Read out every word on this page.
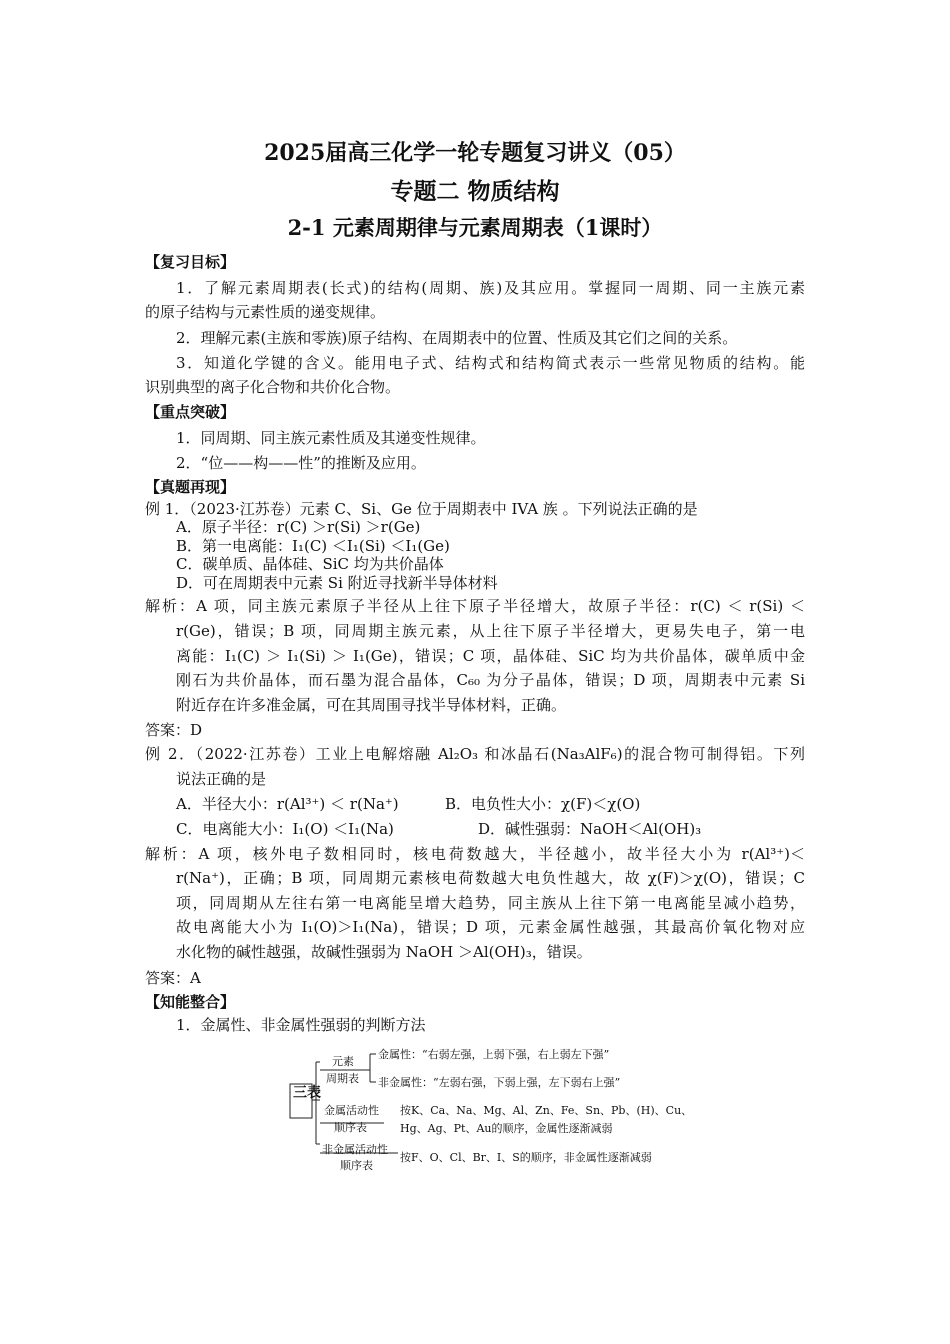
2025届高三化学一轮专题复习讲义（05）
专题二 物质结构
2-1 元素周期律与元素周期表（1课时）
【复习目标】
1．了解元素周期表(长式)的结构(周期、族)及其应用。掌握同一周期、同一主族元素
的原子结构与元素性质的递变规律。
2．理解元素(主族和零族)原子结构、在周期表中的位置、性质及其它们之间的关系。
3．知道化学键的含义。能用电子式、结构式和结构简式表示一些常见物质的结构。能
识别典型的离子化合物和共价化合物。
【重点突破】
1．同周期、同主族元素性质及其递变性规律。
2．“位——构——性”的推断及应用。
【真题再现】
例 1．（2023·江苏卷）元素 C、Si、Ge 位于周期表中 IVA 族 。下列说法正确的是
A．原子半径：r(C) ＞r(Si) ＞r(Ge)
B．第一电离能：I₁(C) ＜I₁(Si) ＜I₁(Ge)
C．碳单质、晶体硅、SiC 均为共价晶体
D．可在周期表中元素 Si 附近寻找新半导体材料
解析：A 项，同主族元素原子半径从上往下原子半径增大，故原子半径：r(C) ＜ r(Si) ＜
r(Ge)，错误；B 项，同周期主族元素，从上往下原子半径增大，更易失电子，第一电
离能：I₁(C) ＞ I₁(Si) ＞ I₁(Ge)，错误；C 项，晶体硅、SiC 均为共价晶体，碳单质中金
刚石为共价晶体，而石墨为混合晶体，C₆₀ 为分子晶体，错误；D 项，周期表中元素 Si
附近存在许多准金属，可在其周围寻找半导体材料，正确。
答案：D
例 2．（2022·江苏卷）工业上电解熔融 Al₂O₃ 和冰晶石(Na₃AlF₆)的混合物可制得铝。下列
说法正确的是
A．半径大小：r(Al³⁺) ＜ r(Na⁺)	B．电负性大小：χ(F)＜χ(O)
C．电离能大小：I₁(O) ＜I₁(Na)	D．碱性强弱：NaOH＜Al(OH)₃
解析：A 项，核外电子数相同时，核电荷数越大，半径越小，故半径大小为 r(Al³⁺)＜
r(Na⁺)，正确；B 项，同周期元素核电荷数越大电负性越大，故 χ(F)＞χ(O)，错误；C
项，同周期从左往右第一电离能呈增大趋势，同主族从上往下第一电离能呈减小趋势，
故电离能大小为 I₁(O)＞I₁(Na)，错误；D 项，元素金属性越强，其最高价氧化物对应
水化物的碱性越强，故碱性强弱为 NaOH ＞Al(OH)₃，错误。
答案：A
【知能整合】
1．金属性、非金属性强弱的判断方法
三表
元素
周期表
金属性：“右弱左强，上弱下强，右上弱左下强”
非金属性：“左弱右强，下弱上强，左下弱右上强”
金属活动性
顺序表
按K、Ca、Na、Mg、Al、Zn、Fe、Sn、Pb、(H)、Cu、
Hg、Ag、Pt、Au的顺序，金属性逐渐减弱
非金属活动性
顺序表
按F、O、Cl、Br、I、S的顺序，非金属性逐渐减弱
